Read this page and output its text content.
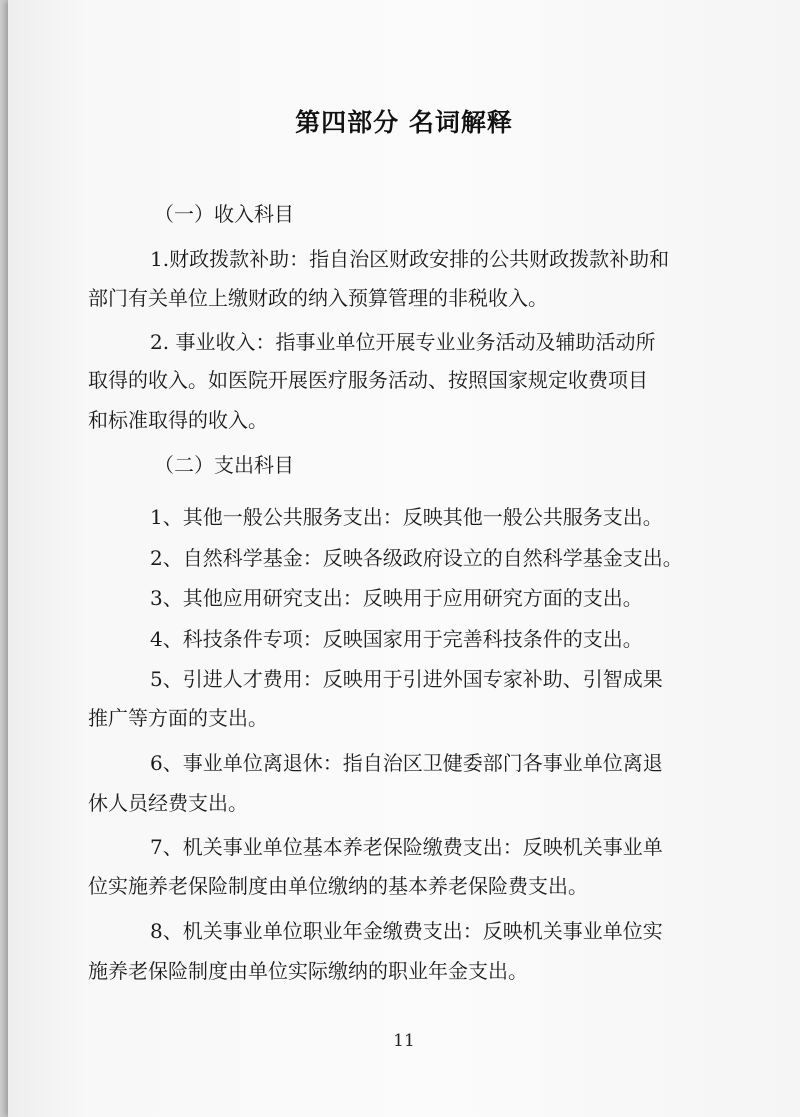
第四部分 名词解释

（一）收入科目

1.财政拨款补助：指自治区财政安排的公共财政拨款补助和

部门有关单位上缴财政的纳入预算管理的非税收入。

2. 事业收入：指事业单位开展专业业务活动及辅助活动所

取得的收入。如医院开展医疗服务活动、按照国家规定收费项目

和标准取得的收入。

（二）支出科目

1、其他一般公共服务支出：反映其他一般公共服务支出。

2、自然科学基金：反映各级政府设立的自然科学基金支出。

3、其他应用研究支出：反映用于应用研究方面的支出。

4、科技条件专项：反映国家用于完善科技条件的支出。

5、引进人才费用：反映用于引进外国专家补助、引智成果

推广等方面的支出。

6、事业单位离退休：指自治区卫健委部门各事业单位离退

休人员经费支出。

7、机关事业单位基本养老保险缴费支出：反映机关事业单

位实施养老保险制度由单位缴纳的基本养老保险费支出。

8、机关事业单位职业年金缴费支出：反映机关事业单位实

施养老保险制度由单位实际缴纳的职业年金支出。

11
